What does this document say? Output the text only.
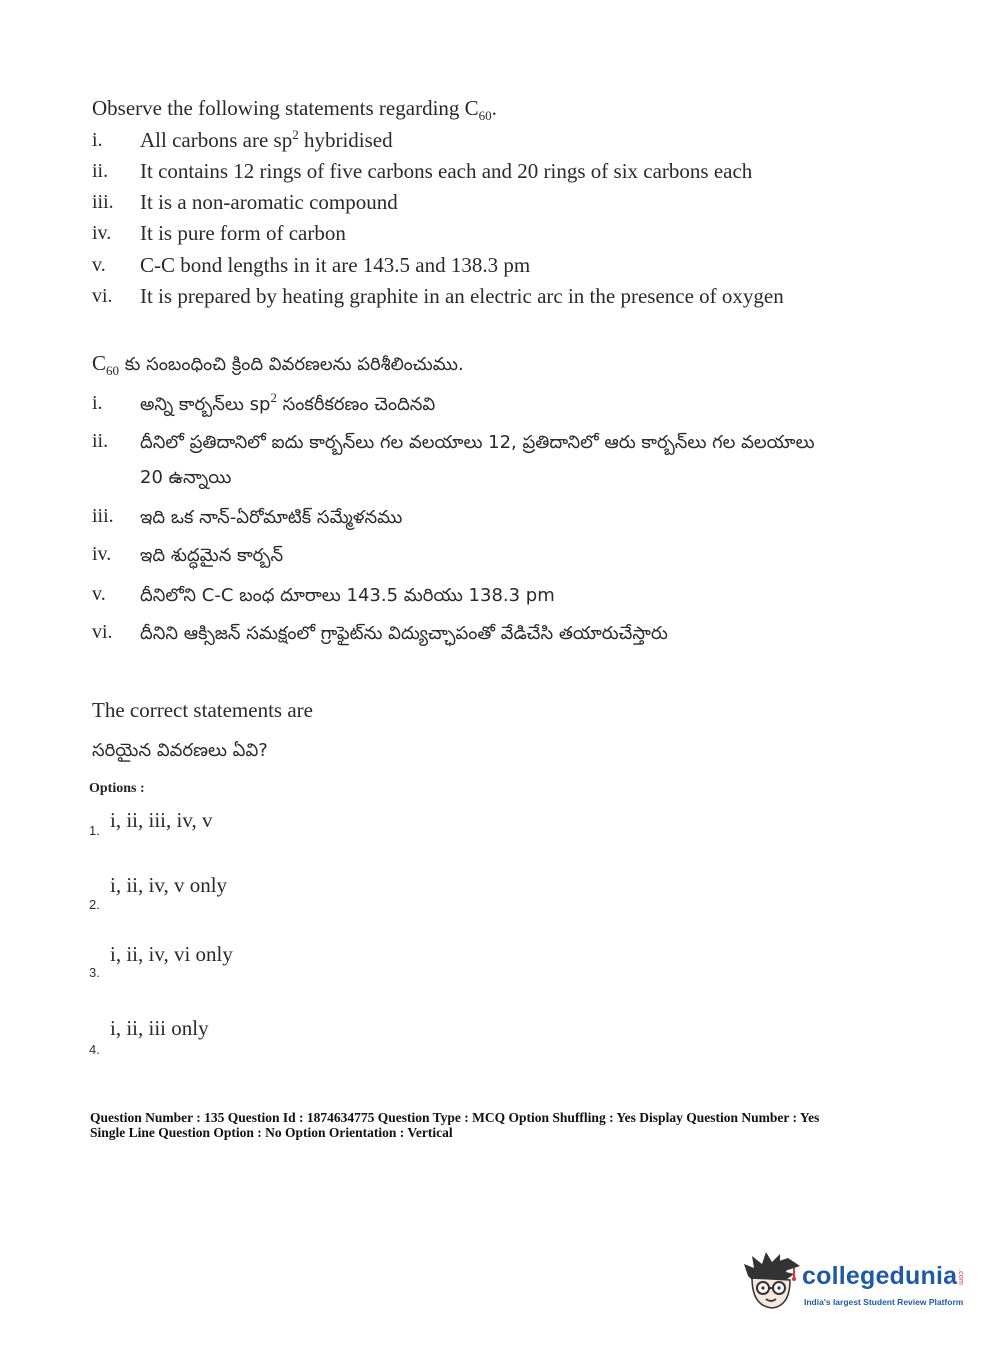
Observe the following statements regarding $C_{60}$.
i. All carbons are $sp^2$ hybridised
ii. It contains 12 rings of five carbons each and 20 rings of six carbons each
iii. It is a non-aromatic compound
iv. It is pure form of carbon
v. C-C bond lengths in it are 143.5 and 138.3 pm
vi. It is prepared by heating graphite in an electric arc in the presence of oxygen
$C_{60}$ కు సంబంధించి క్రింది వివరణలను పరిశీలించుము.
i. అన్ని కార్బన్‌లు $sp^2$ సంకరీకరణం చెందినవి
ii. దీనిలో ప్రతిదానిలో ఐదు కార్బన్‌లు గల వలయాలు 12, ప్రతిదానిలో ఆరు కార్బన్‌లు గల వలయాలు
20 ఉన్నాయి
iii. ఇది ఒక నాన్-ఏరోమాటిక్ సమ్మేళనము
iv. ఇది శుద్ధమైన కార్బన్
v. దీనిలోని C-C బంధ దూరాలు 143.5 మరియు 138.3 pm
vi. దీనిని ఆక్సిజన్ సమక్షంలో గ్రాఫైట్‌ను విద్యుచ్ఛాపంతో వేడిచేసి తయారుచేస్తారు
The correct statements are
సరియైన వివరణలు ఏవి?
Options :
i, ii, iii, iv, v
1.
i, ii, iv, v only
2.
i, ii, iv, vi only
3.
i, ii, iii only
4.
Question Number : 135 Question Id : 1874634775 Question Type : MCQ Option Shuffling : Yes Display Question Number : Yes
Single Line Question Option : No Option Orientation : Vertical
collegedunia.com
India's largest Student Review Platform
